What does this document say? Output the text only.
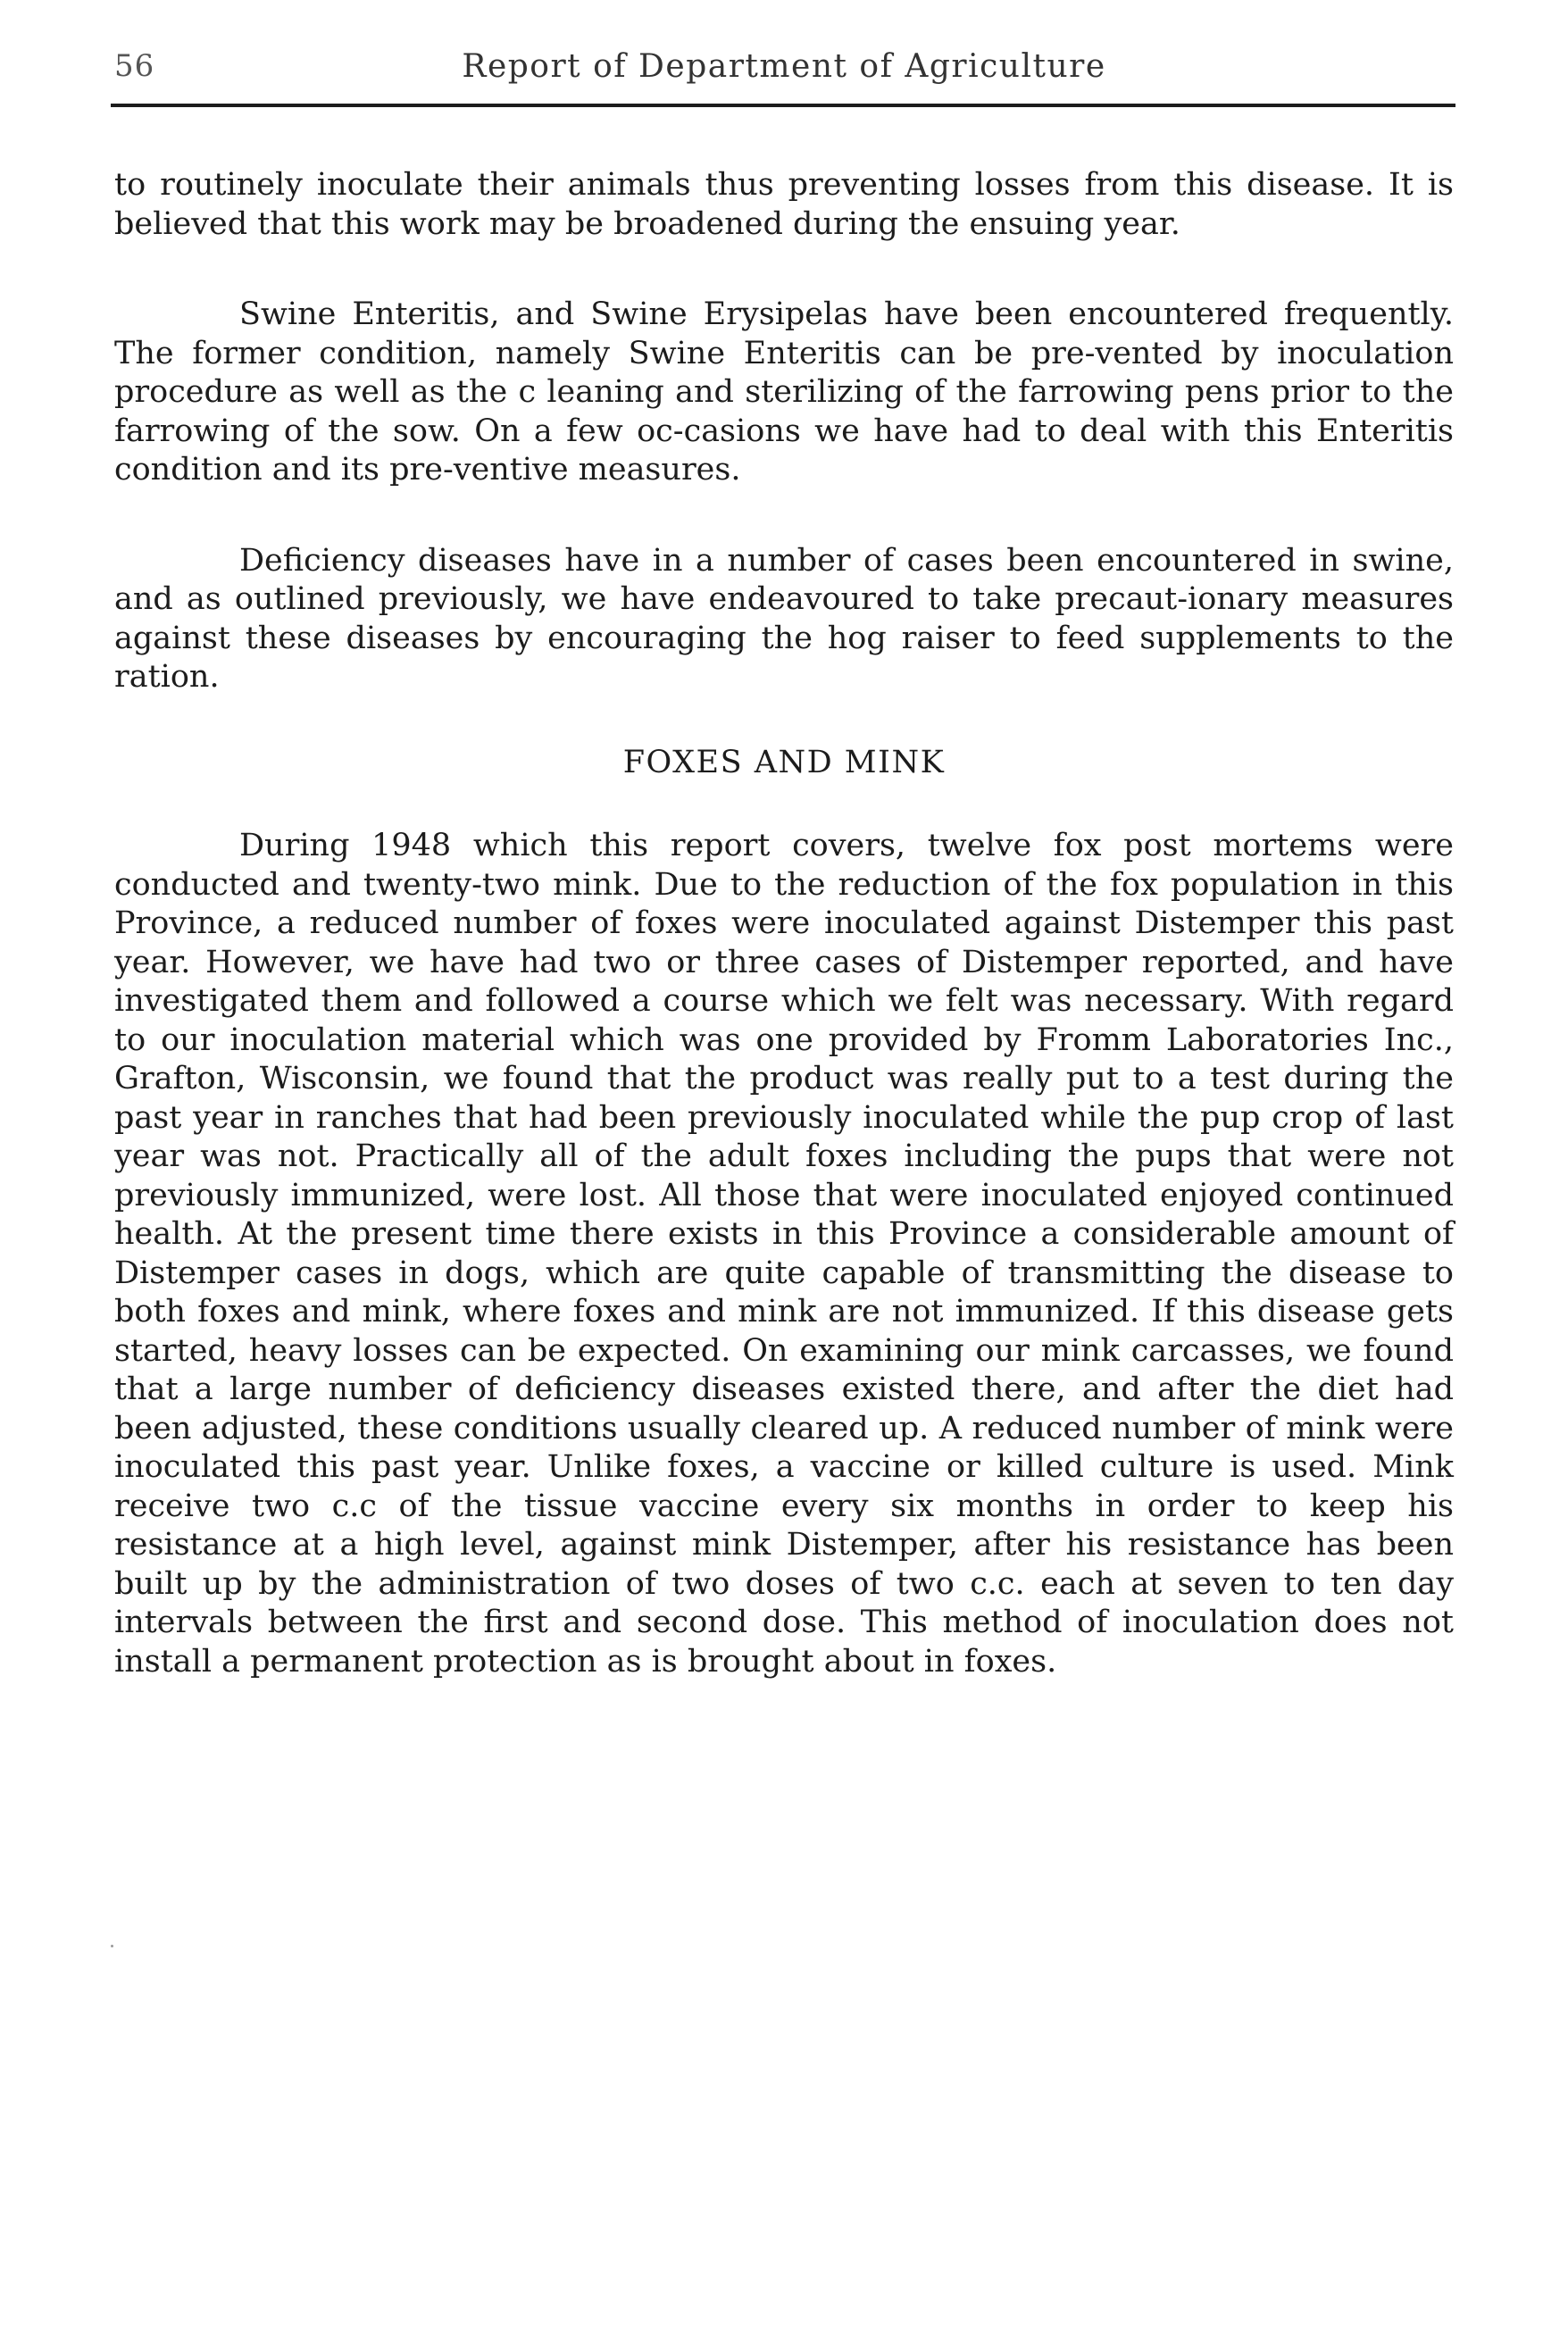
56	Report of Department of Agriculture

to routinely inoculate their animals thus preventing losses from this disease. It is believed that this work may be broadened during the ensuing year.

Swine Enteritis, and Swine Erysipelas have been encountered frequently. The former condition, namely Swine Enteritis can be pre-vented by inoculation procedure as well as the c leaning and sterilizing of the farrowing pens prior to the farrowing of the sow. On a few oc-casions we have had to deal with this Enteritis condition and its pre-ventive measures.

Deficiency diseases have in a number of cases been encountered in swine, and as outlined previously, we have endeavoured to take precaut-ionary measures against these diseases by encouraging the hog raiser to feed supplements to the ration.

FOXES AND MINK

During 1948 which this report covers, twelve fox post mortems were conducted and twenty-two mink. Due to the reduction of the fox population in this Province, a reduced number of foxes were inoculated against Distemper this past year. However, we have had two or three cases of Distemper reported, and have investigated them and followed a course which we felt was necessary. With regard to our inoculation material which was one provided by Fromm Laboratories Inc., Grafton, Wisconsin, we found that the product was really put to a test during the past year in ranches that had been previously inoculated while the pup crop of last year was not. Practically all of the adult foxes including the pups that were not previously immunized, were lost. All those that were inoculated enjoyed continued health. At the present time there exists in this Province a considerable amount of Distemper cases in dogs, which are quite capable of transmitting the disease to both foxes and mink, where foxes and mink are not immunized. If this disease gets started, heavy losses can be expected. On examining our mink carcasses, we found that a large number of deficiency diseases existed there, and after the diet had been adjusted, these conditions usually cleared up. A reduced number of mink were inoculated this past year. Unlike foxes, a vaccine or killed culture is used. Mink receive two c.c of the tissue vaccine every six months in order to keep his resistance at a high level, against mink Distemper, after his resistance has been built up by the administration of two doses of two c.c. each at seven to ten day intervals between the first and second dose. This method of inoculation does not install a permanent protection as is brought about in foxes.
